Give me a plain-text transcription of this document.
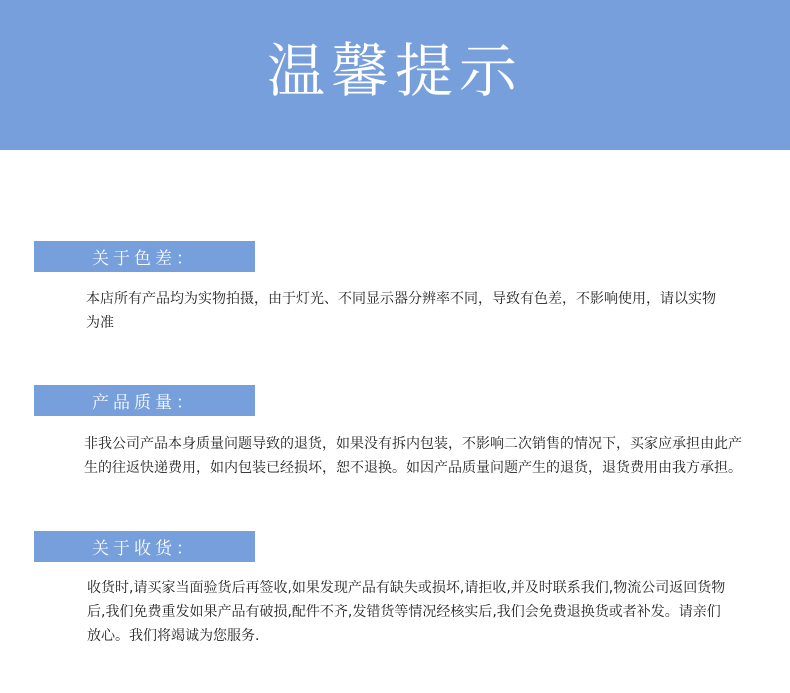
温馨提示
关于色差：

本店所有产品均为实物拍摄，由于灯光、不同显示器分辨率不同，导致有色差，不影响使用，请以实物为准

产品质量：

非我公司产品本身质量问题导致的退货，如果没有拆内包装，不影响二次销售的情况下，买家应承担由此产生的往返快递费用，如内包装已经损坏，恕不退换。如因产品质量问题产生的退货，退货费用由我方承担。

关于收货：

收货时,请买家当面验货后再签收,如果发现产品有缺失或损坏,请拒收,并及时联系我们,物流公司返回货物后,我们免费重发如果产品有破损,配件不齐,发错货等情况经核实后,我们会免费退换货或者补发。请亲们放心。我们将竭诚为您服务.
